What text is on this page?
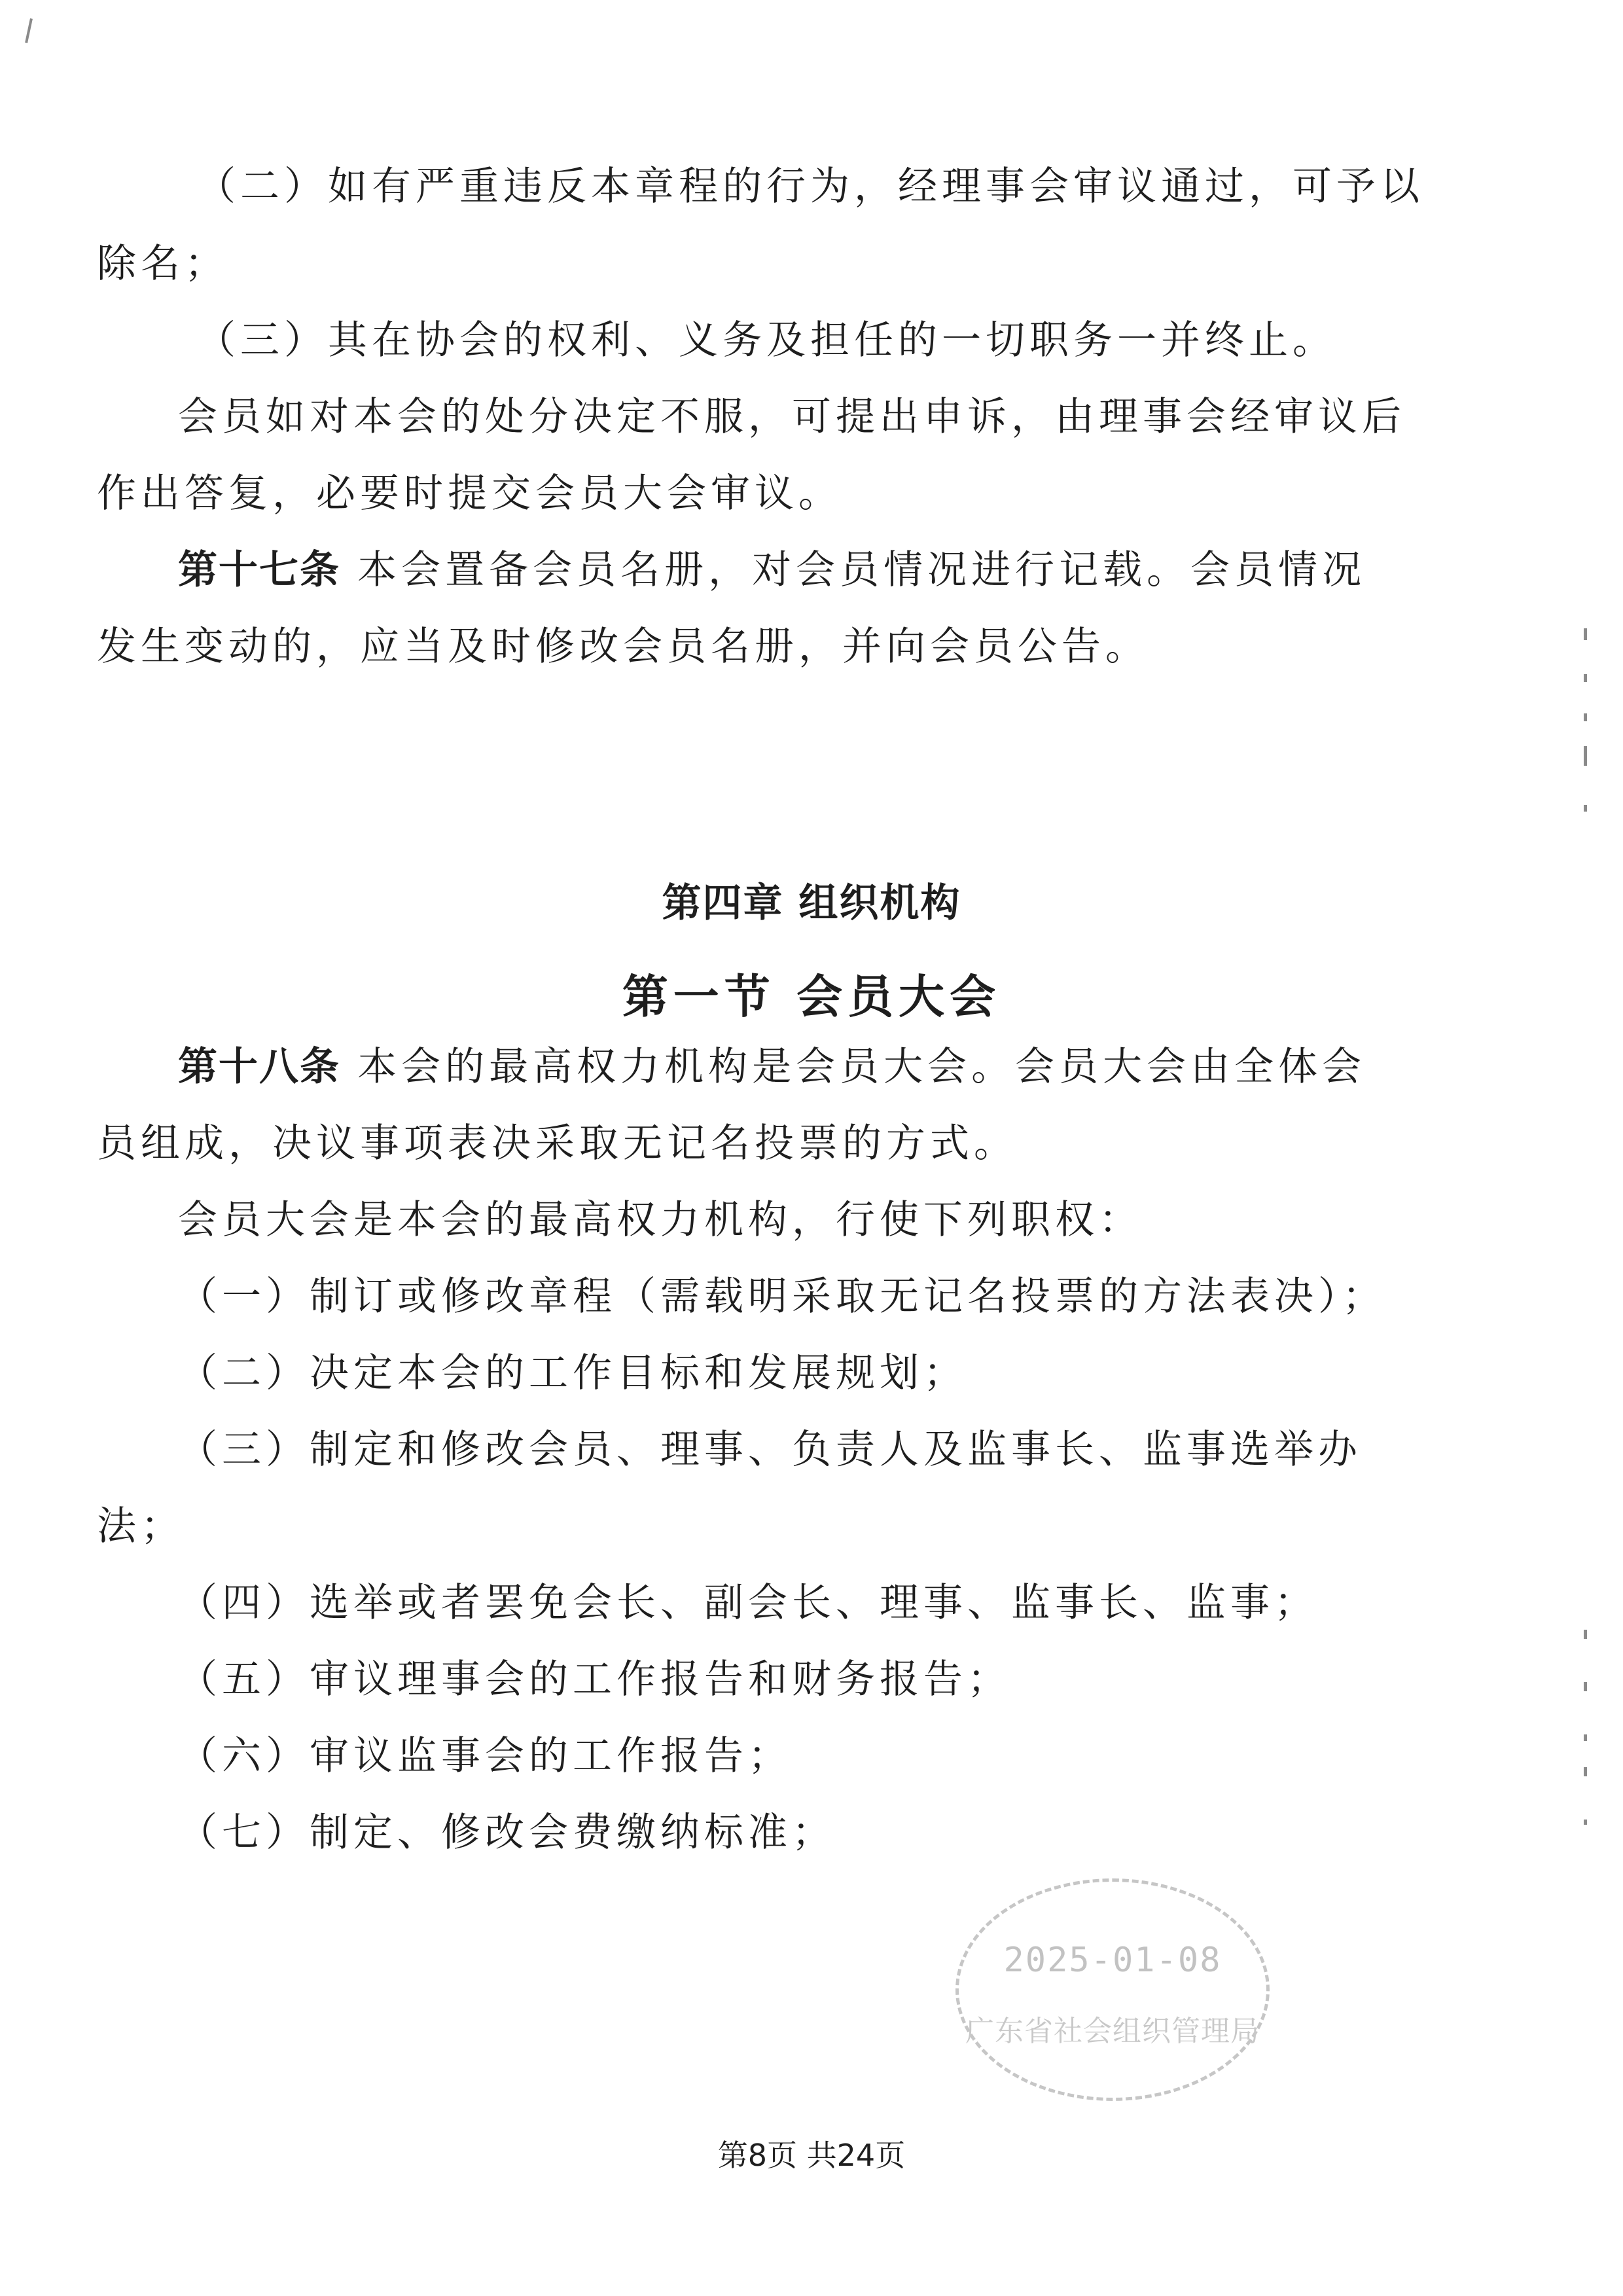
（二）如有严重违反本章程的行为，经理事会审议通过，可予以

除名；

（三）其在协会的权利、义务及担任的一切职务一并终止。

会员如对本会的处分决定不服，可提出申诉，由理事会经审议后

作出答复，必要时提交会员大会审议。

第十七条 本会置备会员名册，对会员情况进行记载。会员情况

发生变动的，应当及时修改会员名册，并向会员公告。

第四章 组织机构
第一节 会员大会

第十八条 本会的最高权力机构是会员大会。会员大会由全体会

员组成，决议事项表决采取无记名投票的方式。

会员大会是本会的最高权力机构，行使下列职权：

（一）制订或修改章程（需载明采取无记名投票的方法表决）；

（二）决定本会的工作目标和发展规划；

（三）制定和修改会员、理事、负责人及监事长、监事选举办

法；

（四）选举或者罢免会长、副会长、理事、监事长、监事；

（五）审议理事会的工作报告和财务报告；

（六）审议监事会的工作报告；

（七）制定、修改会费缴纳标准；

2025-01-08
广东省社会组织管理局
第8页 共24页
